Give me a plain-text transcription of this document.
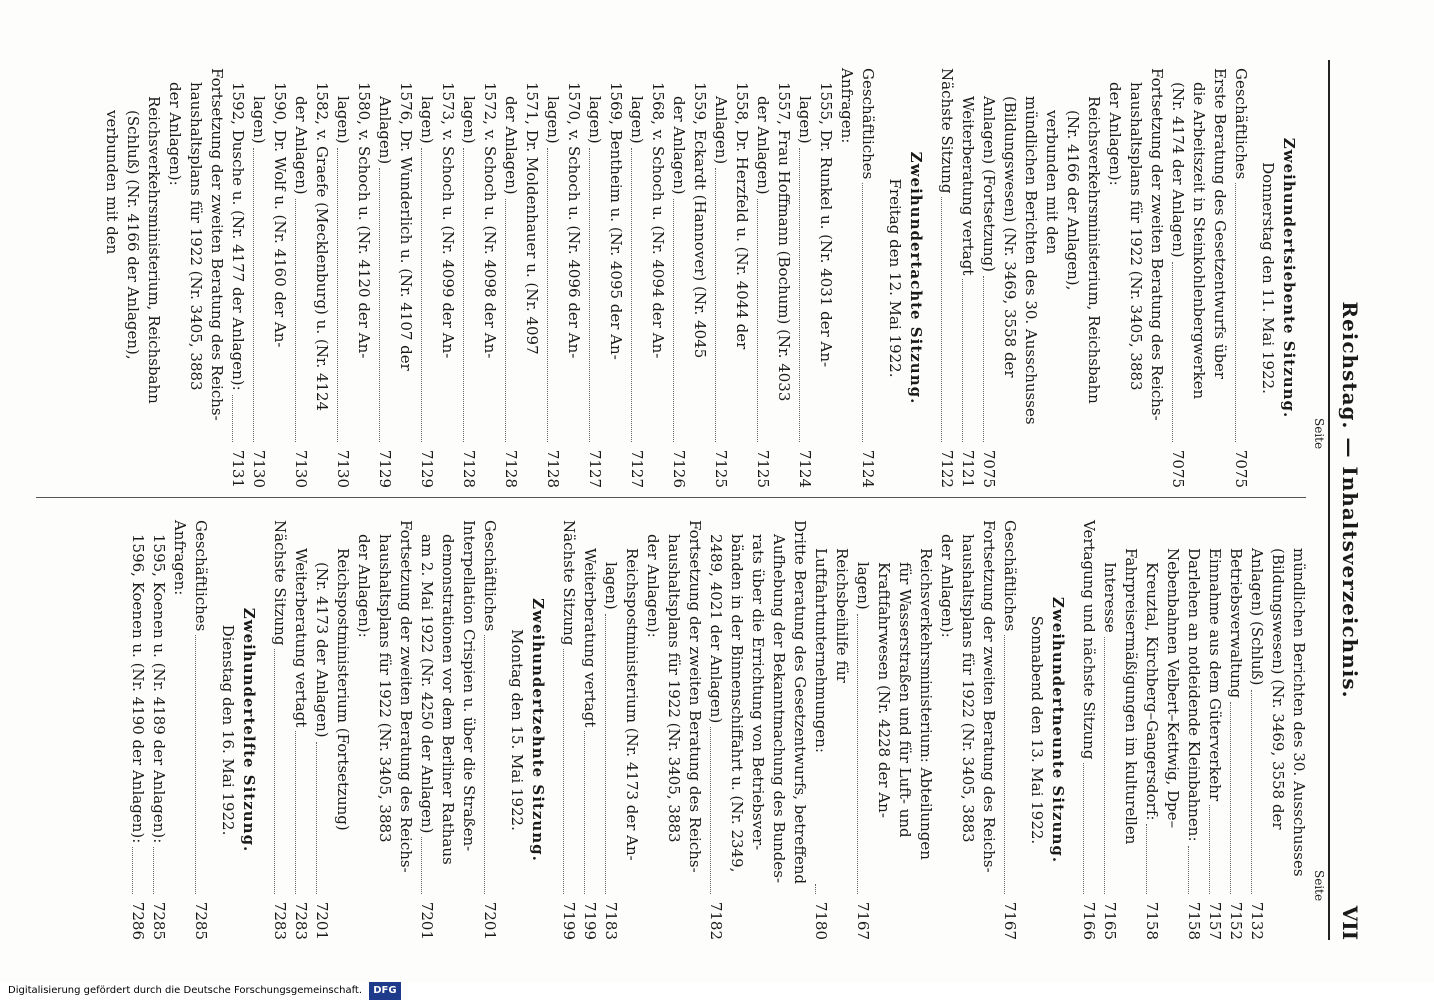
Reichstag. — Inhaltsverzeichnis.
VII
Seite
Seite
Zweihundertsiebente Sitzung.
Donnerstag den 11. Mai 1922.
Geschäftliches
7075
Erste Beratung des Gesetzentwurfs über
die Arbeitszeit in Steinkohlenbergwerken
(Nr. 4174 der Anlagen)
7075
Fortsetzung der zweiten Beratung des Reichs-
haushaltsplans für 1922 (Nr. 3405, 3883
der Anlagen):
Reichsverkehrsministerium, Reichsbahn
(Nr. 4166 der Anlagen),
verbunden mit den
mündlichen Berichten des 30. Ausschusses
(Bildungswesen) (Nr. 3469, 3558 der
Anlagen) (Fortsetzung)
7075
Weiterberatung vertagt
7121
Nächste Sitzung
7122
Zweihundertachte Sitzung.
Freitag den 12. Mai 1922.
Geschäftliches
7124
Anfragen:
1555, Dr. Runkel u. (Nr. 4031 der An-
lagen)
7124
1557, Frau Hoffmann (Bochum) (Nr. 4033
der Anlagen)
7125
1558, Dr. Herzfeld u. (Nr. 4044 der
Anlagen)
7125
1559, Eckardt (Hannover) (Nr. 4045
der Anlagen)
7126
1568, v. Schoch u. (Nr. 4094 der An-
lagen)
7127
1569, Bentheim u. (Nr. 4095 der An-
lagen)
7127
1570, v. Schoch u. (Nr. 4096 der An-
lagen)
7128
1571, Dr. Moldenhauer u. (Nr. 4097
der Anlagen)
7128
1572, v. Schoch u. (Nr. 4098 der An-
lagen)
7128
1573, v. Schoch u. (Nr. 4099 der An-
lagen)
7129
1576, Dr. Wunderlich u. (Nr. 4107 der
Anlagen)
7129
1580, v. Schoch u. (Nr. 4120 der An-
lagen)
7130
1582, v. Graefe (Mecklenburg) u. (Nr. 4124
der Anlagen)
7130
1590, Dr. Wolf u. (Nr. 4160 der An-
lagen)
7130
1592, Dusche u. (Nr. 4177 der Anlagen):
7131
Fortsetzung der zweiten Beratung des Reichs-
haushaltsplans für 1922 (Nr. 3405, 3883
der Anlagen):
Reichsverkehrsministerium, Reichsbahn
(Schluß) (Nr. 4166 der Anlagen),
verbunden mit den
mündlichen Berichten des 30. Ausschusses
(Bildungswesen) (Nr. 3469, 3558 der
Anlagen) (Schluß)
7132
Betriebsverwaltung
7152
Einnahme aus dem Güterverkehr
7157
Darlehen an notleidende Kleinbahnen:
7158
Nebenbahnen Velbert–Kettwig, Dpe–
Kreuztal, Kirchberg–Gangersdorf:
7158
Fahrpreisermäßigungen im kulturellen
Interesse
7165
Vertagung und nächste Sitzung
7166
Zweihundertneunte Sitzung.
Sonnabend den 13. Mai 1922.
Geschäftliches
7167
Fortsetzung der zweiten Beratung des Reichs-
haushaltsplans für 1922 (Nr. 3405, 3883
der Anlagen):
Reichsverkehrsministerium: Abteilungen
für Wasserstraßen und für Luft- und
Kraftfahrwesen (Nr. 4228 der An-
lagen)
7167
Reichsbeihilfe für Luftfahrtunternehmungen:
7180
Dritte Beratung des Gesetzentwurfs, betreffend
Aufhebung der Bekanntmachung des Bundes-
rats über die Errichtung von Betriebsver-
bänden in der Binnenschiffahrt u. (Nr. 2349,
2489, 4021 der Anlagen)
7182
Fortsetzung der zweiten Beratung des Reichs-
haushaltsplans für 1922 (Nr. 3405, 3883
der Anlagen):
Reichspostministerium (Nr. 4173 der An-
lagen)
7183
Weiterberatung vertagt
7199
Nächste Sitzung
7199
Zweihundertzehnte Sitzung.
Montag den 15. Mai 1922.
Geschäftliches
7201
Interpellation Crispien u. über die Straßen-
demonstrationen vor dem Berliner Rathaus
am 2. Mai 1922 (Nr. 4250 der Anlagen)
7201
Fortsetzung der zweiten Beratung des Reichs-
haushaltsplans für 1922 (Nr. 3405, 3883
der Anlagen):
Reichspostministerium (Fortsetzung)
(Nr. 4173 der Anlagen)
7201
Weiterberatung vertagt
7283
Nächste Sitzung
7283
Zweihundertelfte Sitzung.
Dienstag den 16. Mai 1922.
Geschäftliches
7285
Anfragen:
1595, Koenen u. (Nr. 4189 der Anlagen):
7285
1596, Koenen u. (Nr. 4190 der Anlagen):
7286
Digitalisierung gefördert durch die Deutsche Forschungsgemeinschaft. DFG
